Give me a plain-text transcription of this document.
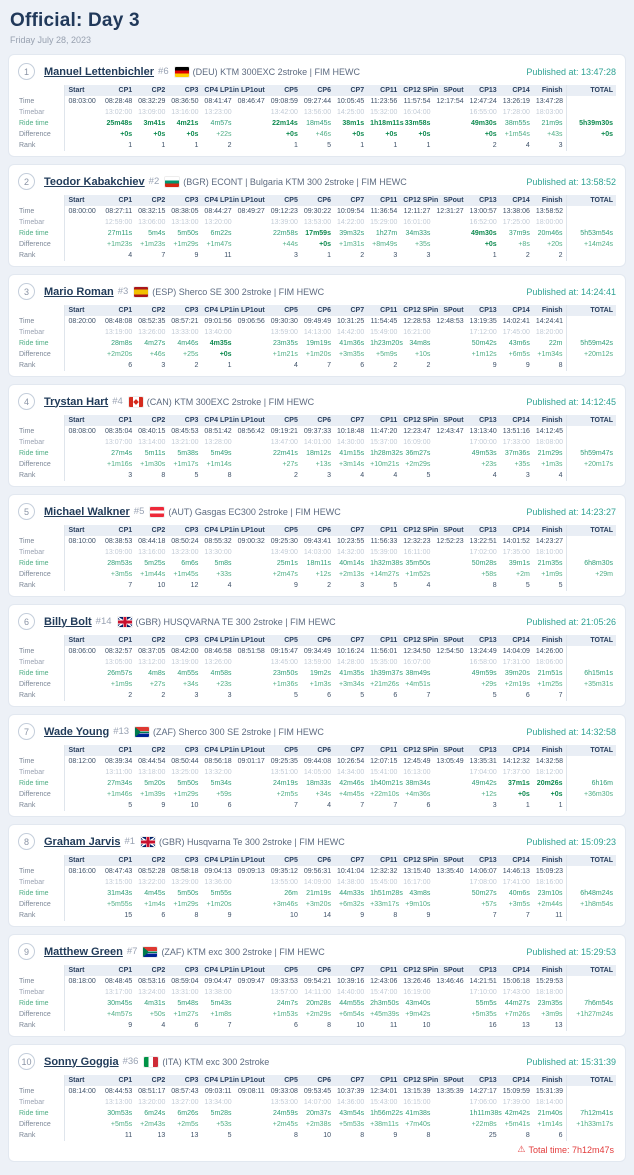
Official: Day 3
Friday July 28, 2023
1	Manuel Lettenbichler #6	(DEU) KTM 300EXC 2stroke | FIM HEWC	Published at: 13:47:28
	Start	CP1	CP2	CP3	CP4 LP1in	LP1out	CP5	CP6	CP7	CP11	CP12 SPin	SPout	CP13	CP14	Finish	TOTAL
Time	08:03:00	08:28:48	08:32:29	08:36:50	08:41:47	08:46:47	09:08:59	09:27:44	10:05:45	11:23:56	11:57:54	12:17:54	12:47:24	13:26:19	13:47:28	
Timebar		13:02:00	13:09:00	13:16:00	13:23:00		13:42:00	13:56:00	14:25:00	15:32:00	16:04:00		16:55:00	17:28:00	18:03:00	
Ride time		25m48s	3m41s	4m21s	4m57s		22m14s	18m45s	38m1s	1h18m11s	33m58s		49m30s	38m55s	21m9s	5h39m30s
Difference		+0s	+0s	+0s	+22s		+0s	+46s	+0s	+0s	+0s		+0s	+1m54s	+43s	+0s
Rank		1	1	1	2		1	5	1	1	1		2	4	3	
2	Teodor Kabakchiev #2	(BGR) ECONT | Bulgaria KTM 300 2stroke | FIM HEWC	Published at: 13:58:52
	Start	CP1	CP2	CP3	CP4 LP1in	LP1out	CP5	CP6	CP7	CP11	CP12 SPin	SPout	CP13	CP14	Finish	TOTAL
Time	08:00:00	08:27:11	08:32:15	08:38:05	08:44:27	08:49:27	09:12:23	09:30:22	10:09:54	11:36:54	12:11:27	12:31:27	13:00:57	13:38:06	13:58:52	
Timebar		12:59:00	13:06:00	13:13:00	13:20:00		13:39:00	13:53:00	14:22:00	15:29:00	16:01:00		16:52:00	17:25:00	18:00:00	
Ride time		27m11s	5m4s	5m50s	6m22s		22m58s	17m59s	39m32s	1h27m	34m33s		49m30s	37m9s	20m46s	5h53m54s
Difference		+1m23s	+1m23s	+1m29s	+1m47s		+44s	+0s	+1m31s	+8m49s	+35s		+0s	+8s	+20s	+14m24s
Rank		4	7	9	11		3	1	2	3	3		1	2	2	
3	Mario Roman #3	(ESP) Sherco SE 300 2stroke | FIM HEWC	Published at: 14:24:41
	Start	CP1	CP2	CP3	CP4 LP1in	LP1out	CP5	CP6	CP7	CP11	CP12 SPin	SPout	CP13	CP14	Finish	TOTAL
Time	08:20:00	08:48:08	08:52:35	08:57:21	09:01:56	09:06:56	09:30:30	09:49:49	10:31:25	11:54:45	12:28:53	12:48:53	13:19:35	14:02:41	14:24:41	
Timebar		13:19:00	13:26:00	13:33:00	13:40:00		13:59:00	14:13:00	14:42:00	15:49:00	16:21:00		17:12:00	17:45:00	18:20:00	
Ride time		28m8s	4m27s	4m46s	4m35s		23m35s	19m19s	41m36s	1h23m20s	34m8s		50m42s	43m6s	22m	5h59m42s
Difference		+2m20s	+46s	+25s	+0s		+1m21s	+1m20s	+3m35s	+5m9s	+10s		+1m12s	+6m5s	+1m34s	+20m12s
Rank		6	3	2	1		4	7	6	2	2		9	9	8	
4	Trystan Hart #4	(CAN) KTM 300EXC 2stroke | FIM HEWC	Published at: 14:12:45
	Start	CP1	CP2	CP3	CP4 LP1in	LP1out	CP5	CP6	CP7	CP11	CP12 SPin	SPout	CP13	CP14	Finish	TOTAL
Time	08:08:00	08:35:04	08:40:15	08:45:53	08:51:42	08:56:42	09:19:21	09:37:33	10:18:48	11:47:20	12:23:47	12:43:47	13:13:40	13:51:16	14:12:45	
Timebar		13:07:00	13:14:00	13:21:00	13:28:00		13:47:00	14:01:00	14:30:00	15:37:00	16:09:00		17:00:00	17:33:00	18:08:00	
Ride time		27m4s	5m11s	5m38s	5m49s		22m41s	18m12s	41m15s	1h28m32s	36m27s		49m53s	37m36s	21m29s	5h59m47s
Difference		+1m16s	+1m30s	+1m17s	+1m14s		+27s	+13s	+3m14s	+10m21s	+2m29s		+23s	+35s	+1m3s	+20m17s
Rank		3	8	5	8		2	3	4	4	5		4	3	4	
5	Michael Walkner #5	(AUT) Gasgas EC300 2stroke | FIM HEWC	Published at: 14:23:27
	Start	CP1	CP2	CP3	CP4 LP1in	LP1out	CP5	CP6	CP7	CP11	CP12 SPin	SPout	CP13	CP14	Finish	TOTAL
Time	08:10:00	08:38:53	08:44:18	08:50:24	08:55:32	09:00:32	09:25:30	09:43:41	10:23:55	11:56:33	12:32:23	12:52:23	13:22:51	14:01:52	14:23:27	
Timebar		13:09:00	13:16:00	13:23:00	13:30:00		13:49:00	14:03:00	14:32:00	15:39:00	16:11:00		17:02:00	17:35:00	18:10:00	
Ride time		28m53s	5m25s	6m6s	5m8s		25m1s	18m11s	40m14s	1h32m38s	35m50s		50m28s	39m1s	21m35s	6h8m30s
Difference		+3m5s	+1m44s	+1m45s	+33s		+2m47s	+12s	+2m13s	+14m27s	+1m52s		+58s	+2m	+1m9s	+29m
Rank		7	10	12	4		9	2	3	5	4		8	5	5	
6	Billy Bolt #14	(GBR) HUSQVARNA TE 300 2stroke | FIM HEWC	Published at: 21:05:26
	Start	CP1	CP2	CP3	CP4 LP1in	LP1out	CP5	CP6	CP7	CP11	CP12 SPin	SPout	CP13	CP14	Finish	TOTAL
Time	08:06:00	08:32:57	08:37:05	08:42:00	08:46:58	08:51:58	09:15:47	09:34:49	10:16:24	11:56:01	12:34:50	12:54:50	13:24:49	14:04:09	14:26:00	
Timebar		13:05:00	13:12:00	13:19:00	13:26:00		13:45:00	13:59:00	14:28:00	15:35:00	16:07:00		16:58:00	17:31:00	18:06:00	
Ride time		26m57s	4m8s	4m55s	4m58s		23m50s	19m2s	41m35s	1h39m37s	38m49s		49m59s	39m20s	21m51s	6h15m1s
Difference		+1m9s	+27s	+34s	+23s		+1m36s	+1m3s	+3m34s	+21m26s	+4m51s		+29s	+2m19s	+1m25s	+35m31s
Rank		2	2	3	3		5	6	5	6	7		5	6	7	
7	Wade Young #13	(ZAF) Sherco 300 SE 2stroke | FIM HEWC	Published at: 14:32:58
	Start	CP1	CP2	CP3	CP4 LP1in	LP1out	CP5	CP6	CP7	CP11	CP12 SPin	SPout	CP13	CP14	Finish	TOTAL
Time	08:12:00	08:39:34	08:44:54	08:50:44	08:56:18	09:01:17	09:25:35	09:44:08	10:26:54	12:07:15	12:45:49	13:05:49	13:35:31	14:12:32	14:32:58	
Timebar		13:11:00	13:18:00	13:25:00	13:32:00		13:51:00	14:05:00	14:34:00	15:41:00	16:13:00		17:04:00	17:37:00	18:12:00	
Ride time		27m34s	5m20s	5m50s	5m34s		24m19s	18m33s	42m46s	1h40m21s	38m34s		49m42s	37m1s	20m26s	6h16m
Difference		+1m46s	+1m39s	+1m29s	+59s		+2m5s	+34s	+4m45s	+22m10s	+4m36s		+12s	+0s	+0s	+36m30s
Rank		5	9	10	6		7	4	7	7	6		3	1	1	
8	Graham Jarvis #1	(GBR) Husqvarna Te 300 2stroke | FIM HEWC	Published at: 15:09:23
	Start	CP1	CP2	CP3	CP4 LP1in	LP1out	CP5	CP6	CP7	CP11	CP12 SPin	SPout	CP13	CP14	Finish	TOTAL
Time	08:16:00	08:47:43	08:52:28	08:58:18	09:04:13	09:09:13	09:35:12	09:56:31	10:41:04	12:32:32	13:15:40	13:35:40	14:06:07	14:46:13	15:09:23	
Timebar		13:15:00	13:22:00	13:29:00	13:36:00		13:55:00	14:09:00	14:38:00	15:45:00	16:17:00		17:08:00	17:41:00	18:16:00	
Ride time		31m43s	4m45s	5m50s	5m55s		26m	21m19s	44m33s	1h51m28s	43m8s		50m27s	40m6s	23m10s	6h48m24s
Difference		+5m55s	+1m4s	+1m29s	+1m20s		+3m46s	+3m20s	+6m32s	+33m17s	+9m10s		+57s	+3m5s	+2m44s	+1h8m54s
Rank		15	6	8	9		10	14	9	8	9		7	7	11	
9	Matthew Green #7	(ZAF) KTM exc 300 2stroke | FIM HEWC	Published at: 15:29:53
	Start	CP1	CP2	CP3	CP4 LP1in	LP1out	CP5	CP6	CP7	CP11	CP12 SPin	SPout	CP13	CP14	Finish	TOTAL
Time	08:18:00	08:48:45	08:53:16	08:59:04	09:04:47	09:09:47	09:33:53	09:54:21	10:39:16	12:43:06	13:26:46	13:46:46	14:21:51	15:06:18	15:29:53	
Timebar		13:17:00	13:24:00	13:31:00	13:38:00		13:57:00	14:11:00	14:40:00	15:47:00	16:19:00		17:10:00	17:43:00	18:18:00	
Ride time		30m45s	4m31s	5m48s	5m43s		24m7s	20m28s	44m55s	2h3m50s	43m40s		55m5s	44m27s	23m35s	7h6m54s
Difference		+4m57s	+50s	+1m27s	+1m8s		+1m53s	+2m29s	+6m54s	+45m39s	+9m42s		+5m35s	+7m26s	+3m9s	+1h27m24s
Rank		9	4	6	7		6	8	10	11	10		16	13	13	
10	Sonny Goggia #36	(ITA) KTM exc 300 2stroke	Published at: 15:31:39
	Start	CP1	CP2	CP3	CP4 LP1in	LP1out	CP5	CP6	CP7	CP11	CP12 SPin	SPout	CP13	CP14	Finish	TOTAL
Time	08:14:00	08:44:53	08:51:17	08:57:43	09:03:11	09:08:11	09:33:08	09:53:45	10:37:39	12:34:01	13:15:39	13:35:39	14:27:17	15:09:59	15:31:39	
Timebar		13:13:00	13:20:00	13:27:00	13:34:00		13:53:00	14:07:00	14:36:00	15:43:00	16:15:00		17:06:00	17:39:00	18:14:00	
Ride time		30m53s	6m24s	6m26s	5m28s		24m59s	20m37s	43m54s	1h56m22s	41m38s		1h11m38s	42m42s	21m40s	7h12m41s
Difference		+5m5s	+2m43s	+2m5s	+53s		+2m45s	+2m38s	+5m53s	+38m11s	+7m40s		+22m8s	+5m41s	+1m14s	+1h33m17s
Rank		11	13	13	5		8	10	8	9	8		25	8	6	
⚠ Total time: 7h12m47s
